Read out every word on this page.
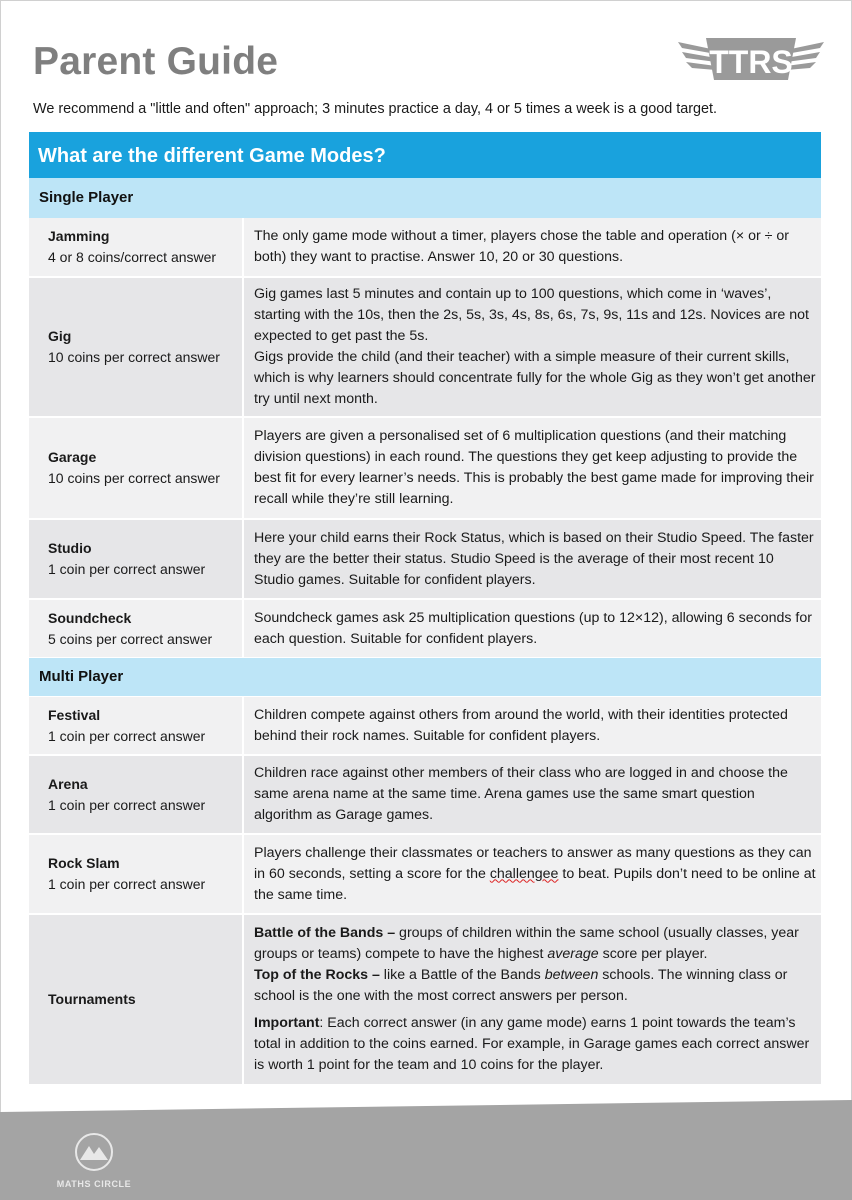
Parent Guide	TTRS
We recommend a "little and often" approach; 3 minutes practice a day, 4 or 5 times a week is a good target.
What are the different Game Modes?
Single Player
Jamming
4 or 8 coins/correct answer

The only game mode without a timer, players chose the table and operation (× or ÷ or both) they want to practise. Answer 10, 20 or 30 questions.

Gig
10 coins per correct answer

Gig games last 5 minutes and contain up to 100 questions, which come in ‘waves’, starting with the 10s, then the 2s, 5s, 3s, 4s, 8s, 6s, 7s, 9s, 11s and 12s. Novices are not expected to get past the 5s.

Gigs provide the child (and their teacher) with a simple measure of their current skills, which is why learners should concentrate fully for the whole Gig as they won’t get another try until next month.

Garage
10 coins per correct answer

Players are given a personalised set of 6 multiplication questions (and their matching division questions) in each round. The questions they get keep adjusting to provide the best fit for every learner’s needs. This is probably the best game made for improving their recall while they’re still learning.

Studio
1 coin per correct answer

Here your child earns their Rock Status, which is based on their Studio Speed. The faster they are the better their status. Studio Speed is the average of their most recent 10 Studio games. Suitable for confident players.

Soundcheck
5 coins per correct answer

Soundcheck games ask 25 multiplication questions (up to 12×12), allowing 6 seconds for each question. Suitable for confident players.

Multi Player
Festival
1 coin per correct answer

Children compete against others from around the world, with their identities protected behind their rock names. Suitable for confident players.

Arena
1 coin per correct answer

Children race against other members of their class who are logged in and choose the same arena name at the same time. Arena games use the same smart question algorithm as Garage games.

Rock Slam
1 coin per correct answer

Players challenge their classmates or teachers to answer as many questions as they can in 60 seconds, setting a score for the challengee to beat. Pupils don’t need to be online at the same time.

Tournaments

Battle of the Bands – groups of children within the same school (usually classes, year groups or teams) compete to have the highest average score per player.

Top of the Rocks – like a Battle of the Bands between schools. The winning class or school is the one with the most correct answers per person.

Important: Each correct answer (in any game mode) earns 1 point towards the team’s total in addition to the coins earned. For example, in Garage games each correct answer is worth 1 point for the team and 10 coins for the player.

MATHS CIRCLE
